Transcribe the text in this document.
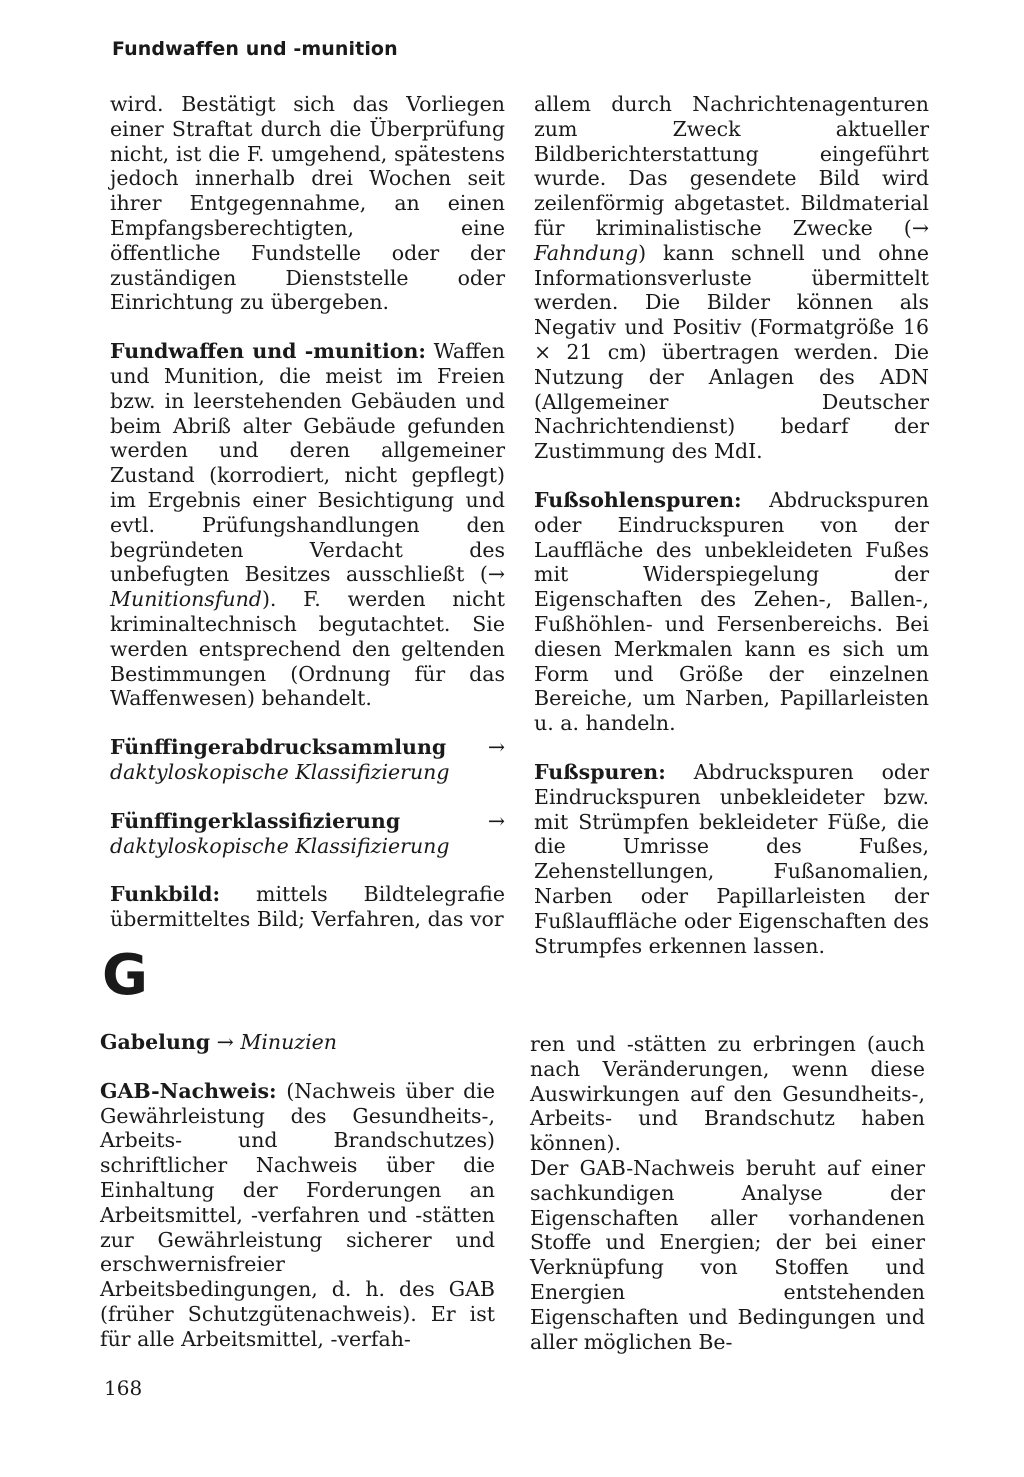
Fundwaffen und -munition

wird. Bestätigt sich das Vorliegen einer Straftat durch die Überprüfung nicht, ist die F. umgehend, spätestens jedoch innerhalb drei Wochen seit ihrer Entgegennahme, an einen Empfangsberechtigten, eine öffentliche Fundstelle oder der zuständigen Dienststelle oder Einrichtung zu übergeben.

Fundwaffen und -munition: Waffen und Munition, die meist im Freien bzw. in leerstehenden Gebäuden und beim Abriß alter Gebäude gefunden werden und deren allgemeiner Zustand (korrodiert, nicht gepflegt) im Ergebnis einer Besichtigung und evtl. Prüfungshandlungen den begründeten Verdacht des unbefugten Besitzes ausschließt (→ Munitionsfund). F. werden nicht kriminaltechnisch begutachtet. Sie werden entsprechend den geltenden Bestimmungen (Ordnung für das Waffenwesen) behandelt.

Fünffingerabdrucksammlung →

daktyloskopische Klassifizierung

Fünffingerklassifizierung	→ daktyloskopische Klassifizierung

Funkbild: mittels Bildtelegrafie übermitteltes Bild; Verfahren, das vor

allem durch Nachrichtenagenturen zum Zweck aktueller Bildberichterstattung eingeführt wurde. Das gesendete Bild wird zeilenförmig abgetastet. Bildmaterial für kriminalistische Zwecke (→ Fahndung) kann schnell und ohne Informationsverluste übermittelt werden. Die Bilder können als Negativ und Positiv (Formatgröße 16 × 21 cm) übertragen werden. Die Nutzung der Anlagen des ADN (Allgemeiner Deutscher Nachrichtendienst) bedarf der Zustimmung des MdI.

Fußsohlenspuren: Abdruckspuren oder Eindruckspuren von der Lauffläche des unbekleideten Fußes mit Widerspiegelung der Eigenschaften des Zehen-, Ballen-, Fußhöhlen- und Fersenbereichs. Bei diesen Merkmalen kann es sich um Form und Größe der einzelnen Bereiche, um Narben, Papillarleisten u. a. handeln.

Fußspuren: Abdruckspuren oder Eindruckspuren unbekleideter bzw. mit Strümpfen bekleideter Füße, die die Umrisse des Fußes, Zehenstellungen, Fußanomalien, Narben oder Papillarleisten der Fußlauffläche oder Eigenschaften des Strumpfes erkennen lassen.

G

Gabelung → Minuzien

GAB-Nachweis: (Nachweis über die Gewährleistung des Gesundheits-, Arbeits- und Brandschutzes) schriftlicher Nachweis über die Einhaltung der Forderungen an Arbeitsmittel, -verfahren und -stätten zur Gewährleistung sicherer und erschwernisfreier Arbeitsbedingungen, d. h. des GAB (früher Schutzgütenachweis). Er ist für alle Arbeitsmittel, -verfah-

ren und -stätten zu erbringen (auch nach Veränderungen, wenn diese Auswirkungen auf den Gesundheits-, Arbeits- und Brandschutz haben können).

Der GAB-Nachweis beruht auf einer sachkundigen Analyse der Eigenschaften aller vorhandenen Stoffe und Energien; der bei einer Verknüpfung von Stoffen und Energien entstehenden Eigenschaften und Bedingungen und aller möglichen Be-

168
